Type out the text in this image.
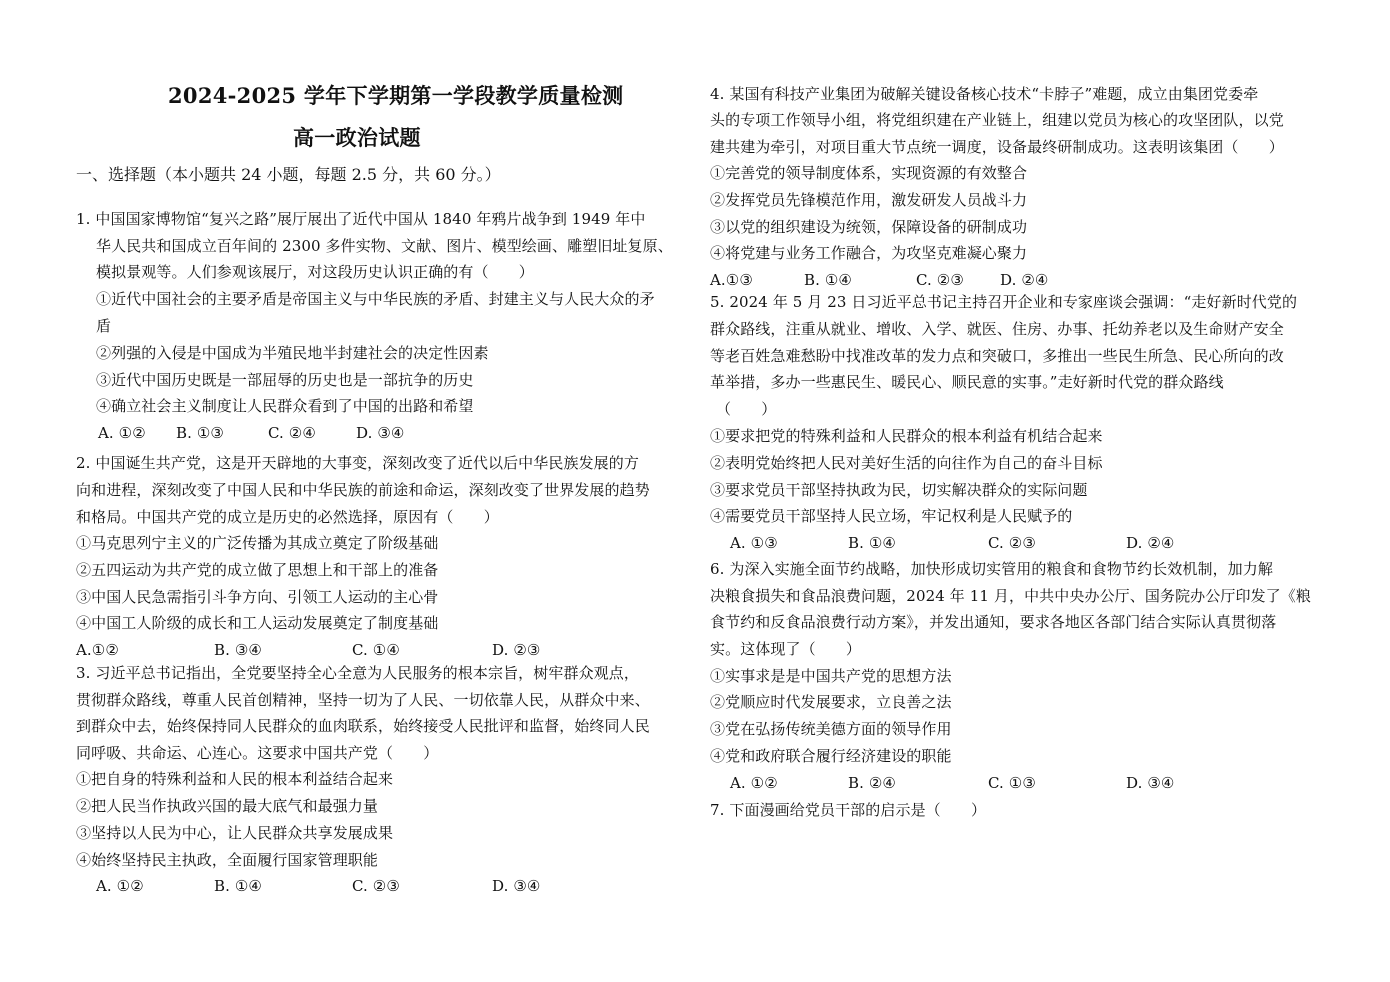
2024-2025 学年下学期第一学段教学质量检测
高一政治试题
一、选择题（本小题共 24 小题，每题 2.5 分，共 60 分。）
1. 中国国家博物馆“复兴之路”展厅展出了近代中国从 1840 年鸦片战争到 1949 年中
华人民共和国成立百年间的 2300 多件实物、文献、图片、模型绘画、雕塑旧址复原、
模拟景观等。人们参观该展厅，对这段历史认识正确的有（　　）
①近代中国社会的主要矛盾是帝国主义与中华民族的矛盾、封建主义与人民大众的矛
盾
②列强的入侵是中国成为半殖民地半封建社会的决定性因素
③近代中国历史既是一部屈辱的历史也是一部抗争的历史
④确立社会主义制度让人民群众看到了中国的出路和希望
A. ①② B. ①③	C. ②④	D. ③④
2. 中国诞生共产党，这是开天辟地的大事变，深刻改变了近代以后中华民族发展的方
向和进程，深刻改变了中国人民和中华民族的前途和命运，深刻改变了世界发展的趋势
和格局。中国共产党的成立是历史的必然选择，原因有（　　）
①马克思列宁主义的广泛传播为其成立奠定了阶级基础
②五四运动为共产党的成立做了思想上和干部上的准备
③中国人民急需指引斗争方向、引领工人运动的主心骨
④中国工人阶级的成长和工人运动发展奠定了制度基础
A.①②	B. ③④	C. ①④	D. ②③
3. 习近平总书记指出，全党要坚持全心全意为人民服务的根本宗旨，树牢群众观点，
贯彻群众路线，尊重人民首创精神，坚持一切为了人民、一切依靠人民，从群众中来、
到群众中去，始终保持同人民群众的血肉联系，始终接受人民批评和监督，始终同人民
同呼吸、共命运、心连心。这要求中国共产党（　　）
①把自身的特殊利益和人民的根本利益结合起来
②把人民当作执政兴国的最大底气和最强力量
③坚持以人民为中心，让人民群众共享发展成果
④始终坚持民主执政，全面履行国家管理职能
A. ①②	B. ①④	C. ②③	D. ③④
4. 某国有科技产业集团为破解关键设备核心技术“卡脖子”难题，成立由集团党委牵
头的专项工作领导小组，将党组织建在产业链上，组建以党员为核心的攻坚团队，以党
建共建为牵引，对项目重大节点统一调度，设备最终研制成功。这表明该集团（　　）
①完善党的领导制度体系，实现资源的有效整合
②发挥党员先锋模范作用，激发研发人员战斗力
③以党的组织建设为统领，保障设备的研制成功
④将党建与业务工作融合，为攻坚克难凝心聚力
A.①③	B. ①④	C. ②③ D. ②④
5. 2024 年 5 月 23 日习近平总书记主持召开企业和专家座谈会强调：“走好新时代党的
群众路线，注重从就业、增收、入学、就医、住房、办事、托幼养老以及生命财产安全
等老百姓急难愁盼中找准改革的发力点和突破口，多推出一些民生所急、民心所向的改
革举措，多办一些惠民生、暖民心、顺民意的实事。”走好新时代党的群众路线
（　　）
①要求把党的特殊利益和人民群众的根本利益有机结合起来
②表明党始终把人民对美好生活的向往作为自己的奋斗目标
③要求党员干部坚持执政为民，切实解决群众的实际问题
④需要党员干部坚持人民立场，牢记权利是人民赋予的
A. ①③	B. ①④	C. ②③	D. ②④
6. 为深入实施全面节约战略，加快形成切实管用的粮食和食物节约长效机制，加力解
决粮食损失和食品浪费问题，2024 年 11 月，中共中央办公厅、国务院办公厅印发了《粮
食节约和反食品浪费行动方案》，并发出通知，要求各地区各部门结合实际认真贯彻落
实。这体现了（　　）
①实事求是是中国共产党的思想方法
②党顺应时代发展要求，立良善之法
③党在弘扬传统美德方面的领导作用
④党和政府联合履行经济建设的职能
A. ①②	B. ②④	C. ①③	D. ③④
7. 下面漫画给党员干部的启示是（　　）
